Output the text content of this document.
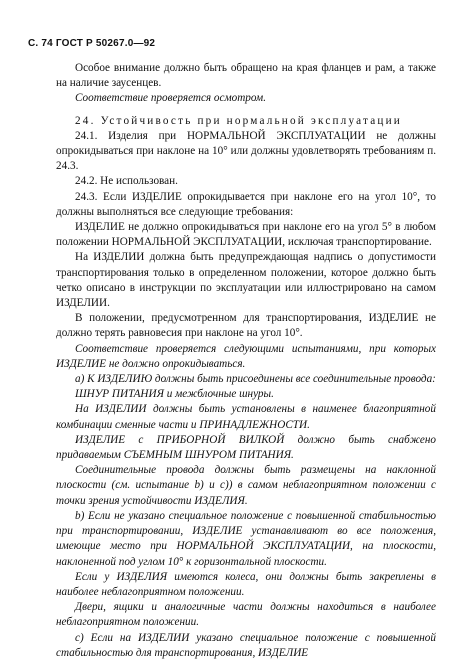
С. 74 ГОСТ Р 50267.0—92

Особое внимание должно быть обращено на края фланцев и рам, а также на наличие заусенцев.

Соответствие проверяется осмотром.

24. Устойчивость при нормальной эксплуатации

24.1. Изделия при НОРМАЛЬНОЙ ЭКСПЛУАТАЦИИ не должны опрокидываться при наклоне на 10° или должны удовлетворять требованиям п. 24.3.

24.2. Не использован.

24.3. Если ИЗДЕЛИЕ опрокидывается при наклоне его на угол 10°, то должны выполняться все следующие требования:

ИЗДЕЛИЕ не должно опрокидываться при наклоне его на угол 5° в любом положении НОРМАЛЬНОЙ ЭКСПЛУАТАЦИИ, исключая транспортирование.

На ИЗДЕЛИИ должна быть предупреждающая надпись о допустимости транспортирования только в определенном положении, которое должно быть четко описано в инструкции по эксплуатации или иллюстрировано на самом ИЗДЕЛИИ.

В положении, предусмотренном для транспортирования, ИЗДЕЛИЕ не должно терять равновесия при наклоне на угол 10°.

Соответствие проверяется следующими испытаниями, при которых ИЗДЕЛИЕ не должно опрокидываться.

а) К ИЗДЕЛИЮ должны быть присоединены все соединительные провода:

ШНУР ПИТАНИЯ и межблочные шнуры.

На ИЗДЕЛИИ должны быть установлены в наименее благоприятной комбинации сменные части и ПРИНАДЛЕЖНОСТИ.

ИЗДЕЛИЕ с ПРИБОРНОЙ ВИЛКОЙ должно быть снабжено придаваемым СЪЕМНЫМ ШНУРОМ ПИТАНИЯ.

Соединительные провода должны быть размещены на наклонной плоскости (см. испытание b) и с)) в самом неблагоприятном положении с точки зрения устойчивости ИЗДЕЛИЯ.

b) Если не указано специальное положение с повышенной стабильностью при транспортировании, ИЗДЕЛИЕ устанавливают во все положения, имеющие место при НОРМАЛЬНОЙ ЭКСПЛУАТАЦИИ, на плоскости, наклоненной под углом 10° к горизонтальной плоскости.

Если у ИЗДЕЛИЯ имеются колеса, они должны быть закреплены в наиболее неблагоприятном положении.

Двери, ящики и аналогичные части должны находиться в наиболее неблагоприятном положении.

с) Если на ИЗДЕЛИИ указано специальное положение с повышенной стабильностью для транспортирования, ИЗДЕЛИЕ
